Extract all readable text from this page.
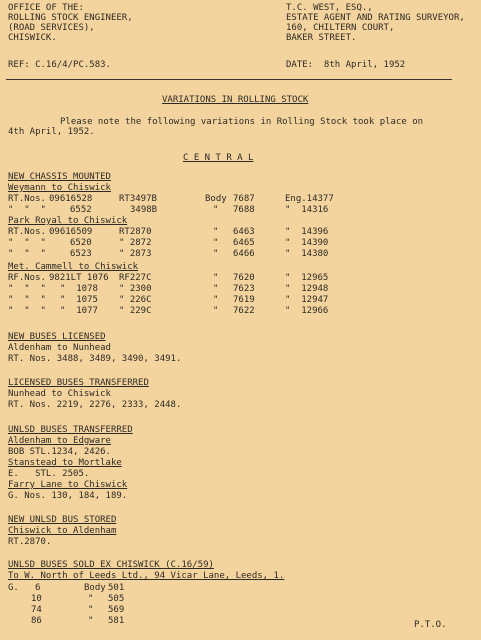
OFFICE OF THE:
ROLLING STOCK ENGINEER,
(ROAD SERVICES),
CHISWICK.
T.C. WEST, ESQ.,
ESTATE AGENT AND RATING SURVEYOR,
160, CHILTERN COURT,
BAKER STREET.
REF: C.16/4/PC.583.	DATE:  8th April, 1952
VARIATIONS IN ROLLING STOCK
Please note the following variations in Rolling Stock took place on
4th April, 1952.
C E N T R A L
NEW CHASSIS MOUNTED
Weymann to Chiswick
RT.Nos. 09616528	RT3497B	Body 7687	Eng.14377
"  "  "	6552	3498B	" 7688	"  14316
Park Royal to Chiswick
RT.Nos. 09616509	RT2870	" 6463	"  14396
"  "  "	6520	" 2872	" 6465	"  14390
"  "  "	6523	" 2873	" 6466	"  14380
Met. Cammell to Chiswick
RF.Nos. 9821LT 1076 RF227C	" 7620	"  12965
"  "  " "  1078 " 2300	" 7623	"  12948
"  "  " "  1075 " 226C	" 7619	"  12947
"  "  " "  1077 " 229C	" 7622	"  12966
NEW BUSES LICENSED
Aldenham to Nunhead
RT. Nos. 3488, 3489, 3490, 3491.
LICENSED BUSES TRANSFERRED
Nunhead to Chiswick
RT. Nos. 2219, 2276, 2333, 2448.
UNLSD BUSES TRANSFERRED
Aldenham to Edgware
BOB STL.1234, 2426.
Stanstead to Mortlake
E.   STL. 2505.
Farry Lane to Chiswick
G. Nos. 130, 184, 189.
NEW UNLSD BUS STORED
Chiswick to Aldenham
RT.2870.
UNLSD BUSES SOLD EX CHISWICK (C.16/59)
To W. North of Leeds Ltd., 94 Vicar Lane, Leeds, 1.
G. 6	Body 501
10	" 505
74	" 569
86	" 581	P.T.O.
